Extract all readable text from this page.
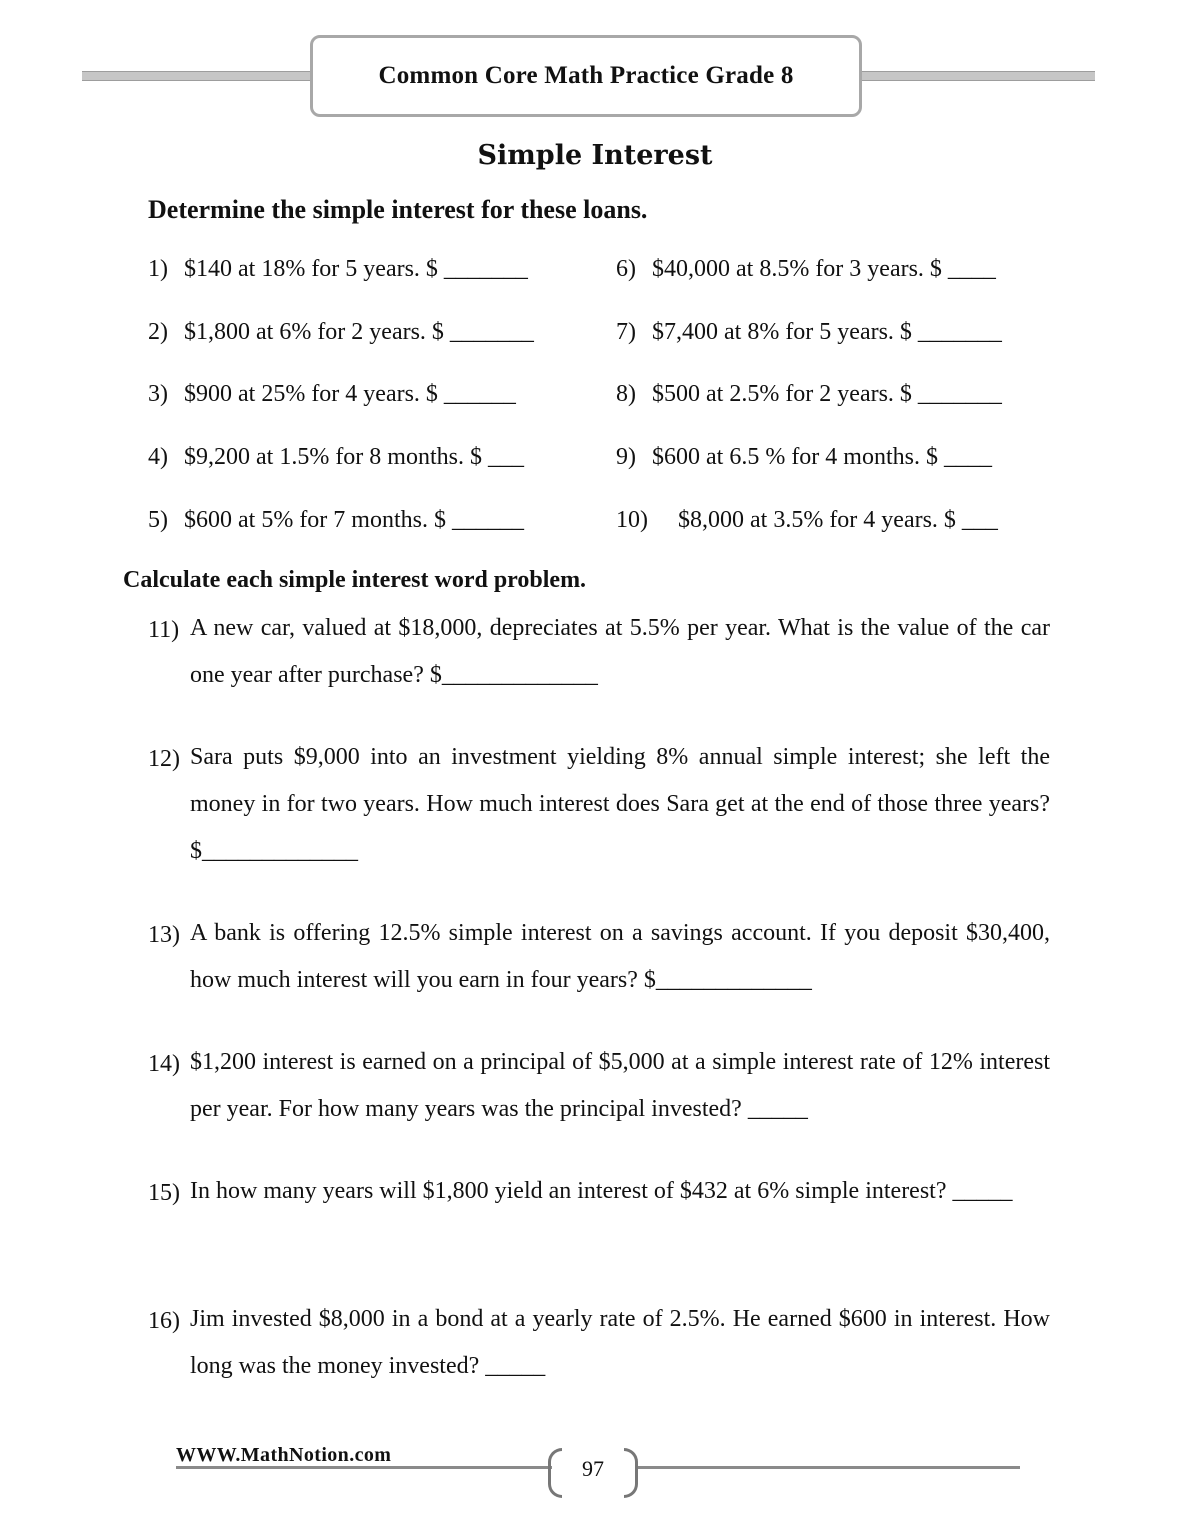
Common Core Math Practice Grade 8
Simple Interest
Determine the simple interest for these loans.
1) $140 at 18% for 5 years. $ _______
2) $1,800 at 6% for 2 years. $ _______
3) $900 at 25% for 4 years. $ ______
4) $9,200 at 1.5% for 8 months. $ ___
5) $600 at 5% for 7 months. $ ______
6) $40,000 at 8.5% for 3 years. $ ____
7) $7,400 at 8% for 5 years. $ _______
8) $500 at 2.5% for 2 years. $ _______
9) $600 at 6.5 % for 4 months. $ ____
10) $8,000 at 3.5% for 4 years. $ ___
Calculate each simple interest word problem.
11) A new car, valued at $18,000, depreciates at 5.5% per year. What is the value of the car one year after purchase? $_____________
12) Sara puts $9,000 into an investment yielding 8% annual simple interest; she left the money in for two years. How much interest does Sara get at the end of those three years? $_____________
13) A bank is offering 12.5% simple interest on a savings account. If you deposit $30,400, how much interest will you earn in four years? $_____________
14) $1,200 interest is earned on a principal of $5,000 at a simple interest rate of 12% interest per year. For how many years was the principal invested? _____
15) In how many years will $1,800 yield an interest of $432 at 6% simple interest? _____
16) Jim invested $8,000 in a bond at a yearly rate of 2.5%. He earned $600 in interest. How long was the money invested? _____
WWW.MathNotion.com
97
